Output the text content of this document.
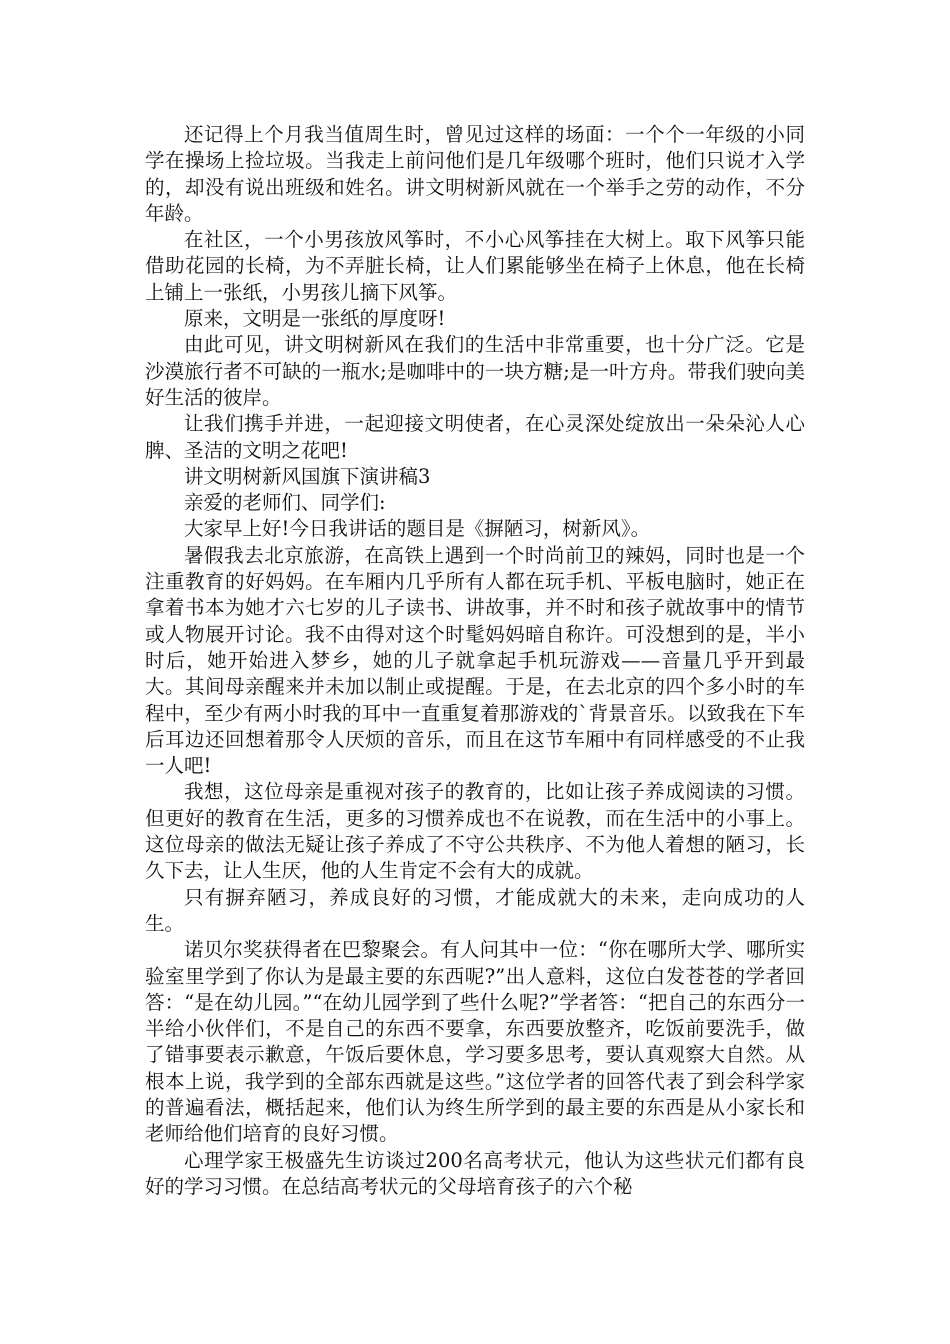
还记得上个月我当值周生时，曾见过这样的场面：一个个一年级的小同学在操场上捡垃圾。当我走上前问他们是几年级哪个班时，他们只说才入学的，却没有说出班级和姓名。讲文明树新风就在一个举手之劳的动作，不分年龄。

在社区，一个小男孩放风筝时，不小心风筝挂在大树上。取下风筝只能借助花园的长椅，为不弄脏长椅，让人们累能够坐在椅子上休息，他在长椅上铺上一张纸，小男孩儿摘下风筝。

原来，文明是一张纸的厚度呀!

由此可见，讲文明树新风在我们的生活中非常重要，也十分广泛。它是沙漠旅行者不可缺的一瓶水;是咖啡中的一块方糖;是一叶方舟。带我们驶向美好生活的彼岸。

让我们携手并进，一起迎接文明使者，在心灵深处绽放出一朵朵沁人心脾、圣洁的文明之花吧!

讲文明树新风国旗下演讲稿3

亲爱的老师们、同学们:

大家早上好!今日我讲话的题目是《摒陋习，树新风》。

暑假我去北京旅游，在高铁上遇到一个时尚前卫的辣妈，同时也是一个注重教育的好妈妈。在车厢内几乎所有人都在玩手机、平板电脑时，她正在拿着书本为她才六七岁的儿子读书、讲故事，并不时和孩子就故事中的情节或人物展开讨论。我不由得对这个时髦妈妈暗自称许。可没想到的是，半小时后，她开始进入梦乡，她的儿子就拿起手机玩游戏——音量几乎开到最大。其间母亲醒来并未加以制止或提醒。于是，在去北京的四个多小时的车程中，至少有两小时我的耳中一直重复着那游戏的`背景音乐。以致我在下车后耳边还回想着那令人厌烦的音乐，而且在这节车厢中有同样感受的不止我一人吧!

我想，这位母亲是重视对孩子的教育的，比如让孩子养成阅读的习惯。但更好的教育在生活，更多的习惯养成也不在说教，而在生活中的小事上。这位母亲的做法无疑让孩子养成了不守公共秩序、不为他人着想的陋习，长久下去，让人生厌，他的人生肯定不会有大的成就。

只有摒弃陋习，养成良好的习惯，才能成就大的未来，走向成功的人生。

诺贝尔奖获得者在巴黎聚会。有人问其中一位：“你在哪所大学、哪所实验室里学到了你认为是最主要的东西呢?”出人意料，这位白发苍苍的学者回答：“是在幼儿园。”“在幼儿园学到了些什么呢?”学者答：“把自己的东西分一半给小伙伴们，不是自己的东西不要拿，东西要放整齐，吃饭前要洗手，做了错事要表示歉意，午饭后要休息，学习要多思考，要认真观察大自然。从根本上说，我学到的全部东西就是这些。”这位学者的回答代表了到会科学家的普遍看法，概括起来，他们认为终生所学到的最主要的东西是从小家长和老师给他们培育的良好习惯。

心理学家王极盛先生访谈过200名高考状元，他认为这些状元们都有良好的学习习惯。在总结高考状元的父母培育孩子的六个秘
